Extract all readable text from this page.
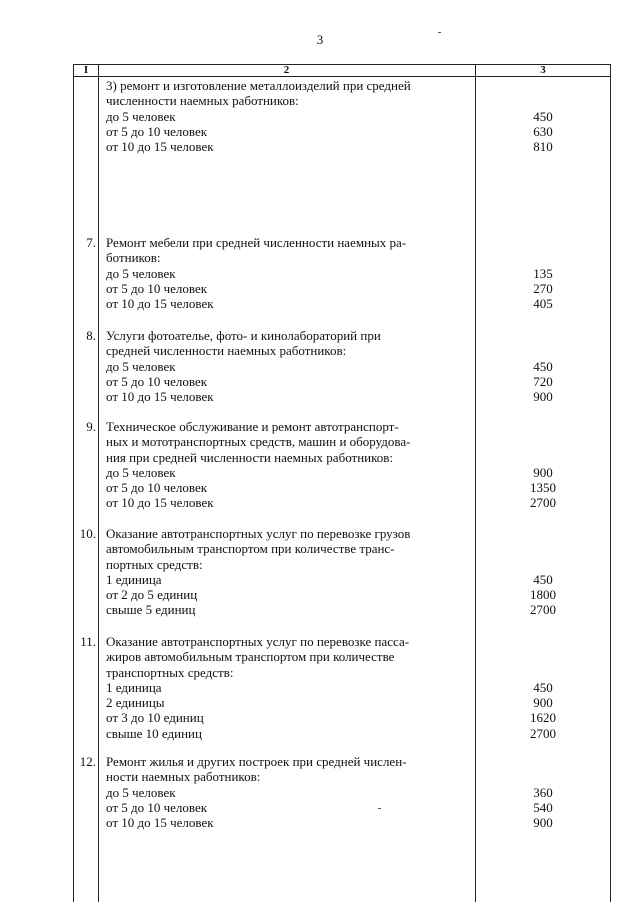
3
I	2	3
3) ремонт и изготовление металлоизделий при средней
численности наемных работников:
до 5 человек
от 5 до 10 человек
от 10 до 15 человек

450
630
810
7. Ремонт мебели при средней численности наемных ра-
ботников:
до 5 человек
от 5 до 10 человек
от 10 до 15 человек

135
270
405
8. Услуги фотоателье, фото- и кинолабораторий при
средней численности наемных работников:
до 5 человек
от 5 до 10 человек
от 10 до 15 человек

450
720
900
9. Техническое обслуживание и ремонт автотранспорт-
ных и мототранспортных средств, машин и оборудова-
ния при средней численности наемных работников:
до 5 человек
от 5 до 10 человек
от 10 до 15 человек

900
1350
2700
10. Оказание автотранспортных услуг по перевозке грузов
автомобильным транспортом при количестве транс-
портных средств:
1 единица
от 2 до 5 единиц
свыше 5 единиц

450
1800
2700
11. Оказание автотранспортных услуг по перевозке пасса-
жиров автомобильным транспортом при количестве
транспортных средств:
1 единица
2 единицы
от 3 до 10 единиц
свыше 10 единиц

450
900
1620
2700
12. Ремонт жилья и других построек при средней числен-
ности наемных работников:
до 5 человек
от 5 до 10 человек
от 10 до 15 человек

360
540
900
